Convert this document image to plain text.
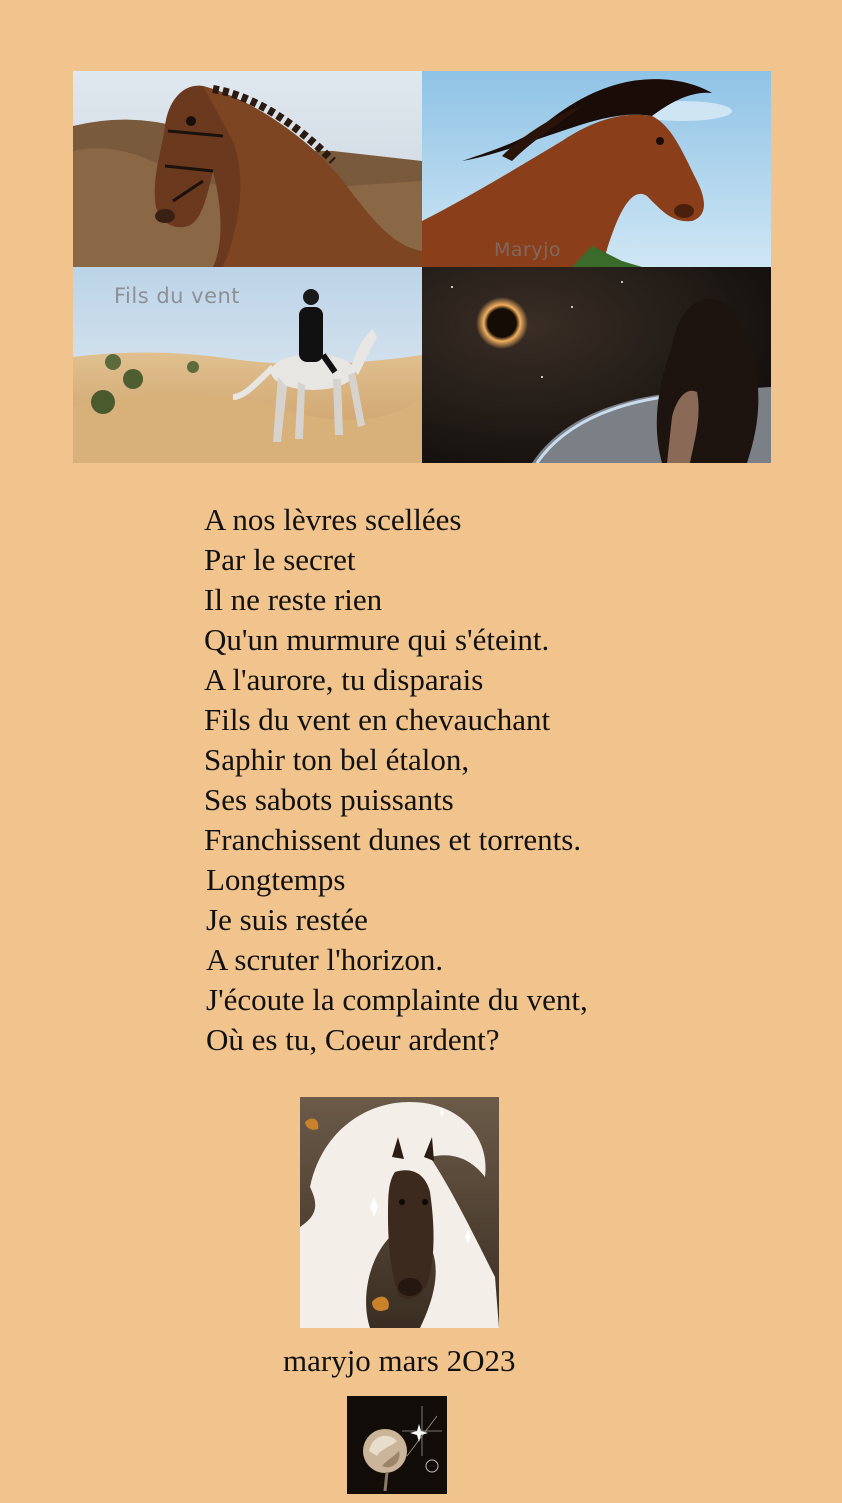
Maryjo
Fils du vent
A nos lèvres scellées
Par le secret
Il ne reste rien
Qu'un murmure qui s'éteint.
A l'aurore, tu disparais
Fils du vent en chevauchant
Saphir ton bel étalon,
Ses sabots puissants
Franchissent dunes et torrents.
Longtemps
Je suis restée
A scruter l'horizon.
J'écoute la complainte du vent,
Où es tu, Coeur ardent?
maryjo mars 2O23
